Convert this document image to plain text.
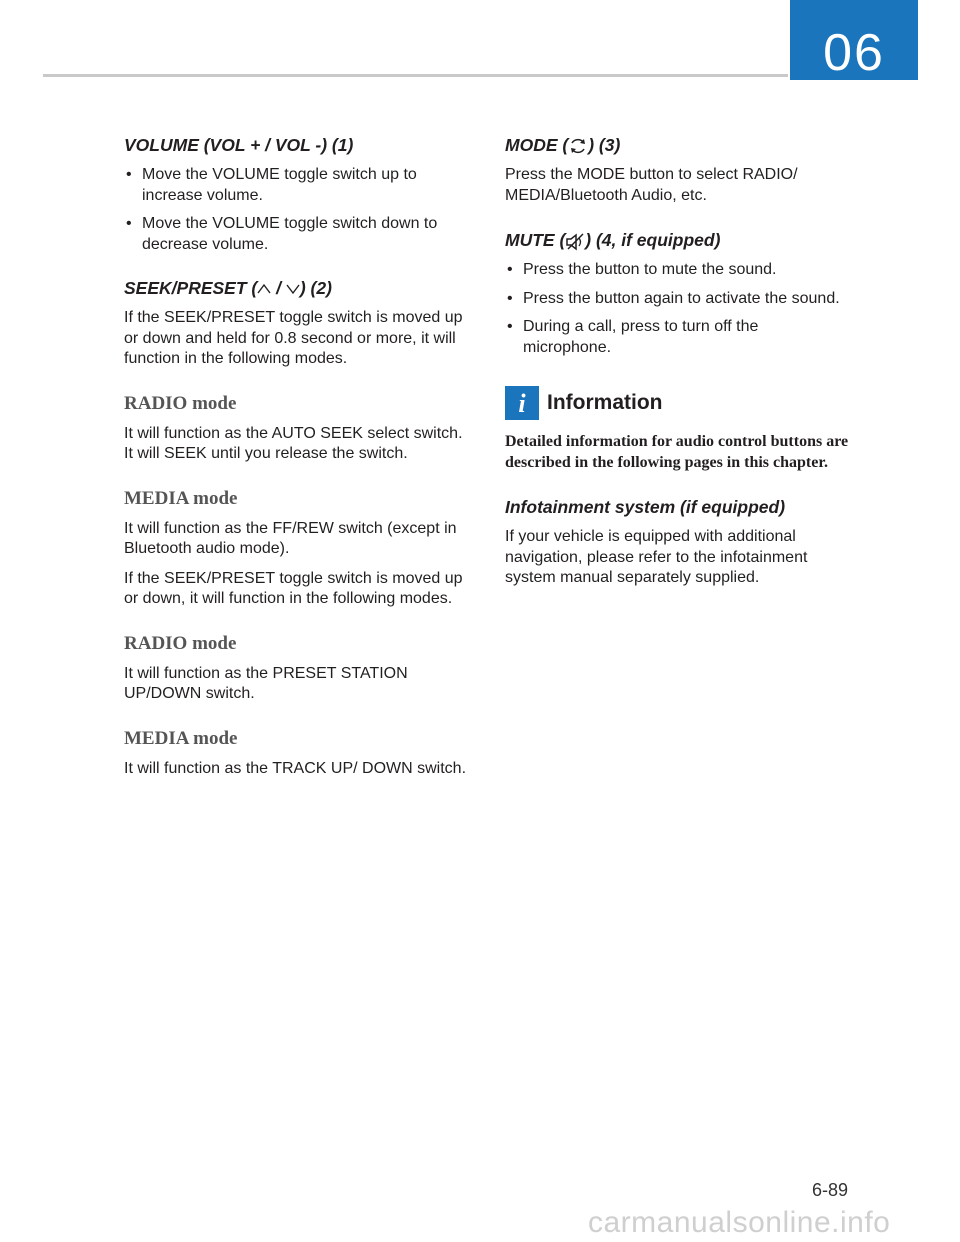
06
VOLUME (VOL + / VOL -) (1)
• Move the VOLUME toggle switch up to increase volume.
• Move the VOLUME toggle switch down to decrease volume.
SEEK/PRESET ( / ) (2)

If the SEEK/PRESET toggle switch is moved up or down and held for 0.8 second or more, it will function in the following modes.

RADIO mode

It will function as the AUTO SEEK select switch. It will SEEK until you release the switch.

MEDIA mode

It will function as the FF/REW switch (except in Bluetooth audio mode).

If the SEEK/PRESET toggle switch is moved up or down, it will function in the following modes.

RADIO mode

It will function as the PRESET STATION UP/DOWN switch.

MEDIA mode

It will function as the TRACK UP/ DOWN switch.

MODE ( ) (3)

Press the MODE button to select RADIO/ MEDIA/Bluetooth Audio, etc.

MUTE ( ) (4, if equipped)
• Press the button to mute the sound.
• Press the button again to activate the sound.
• During a call, press to turn off the microphone.
i	Information

Detailed information for audio control buttons are described in the following pages in this chapter.

Infotainment system (if equipped)

If your vehicle is equipped with additional navigation, please refer to the infotainment system manual separately supplied.

6-89
carmanualsonline.info
